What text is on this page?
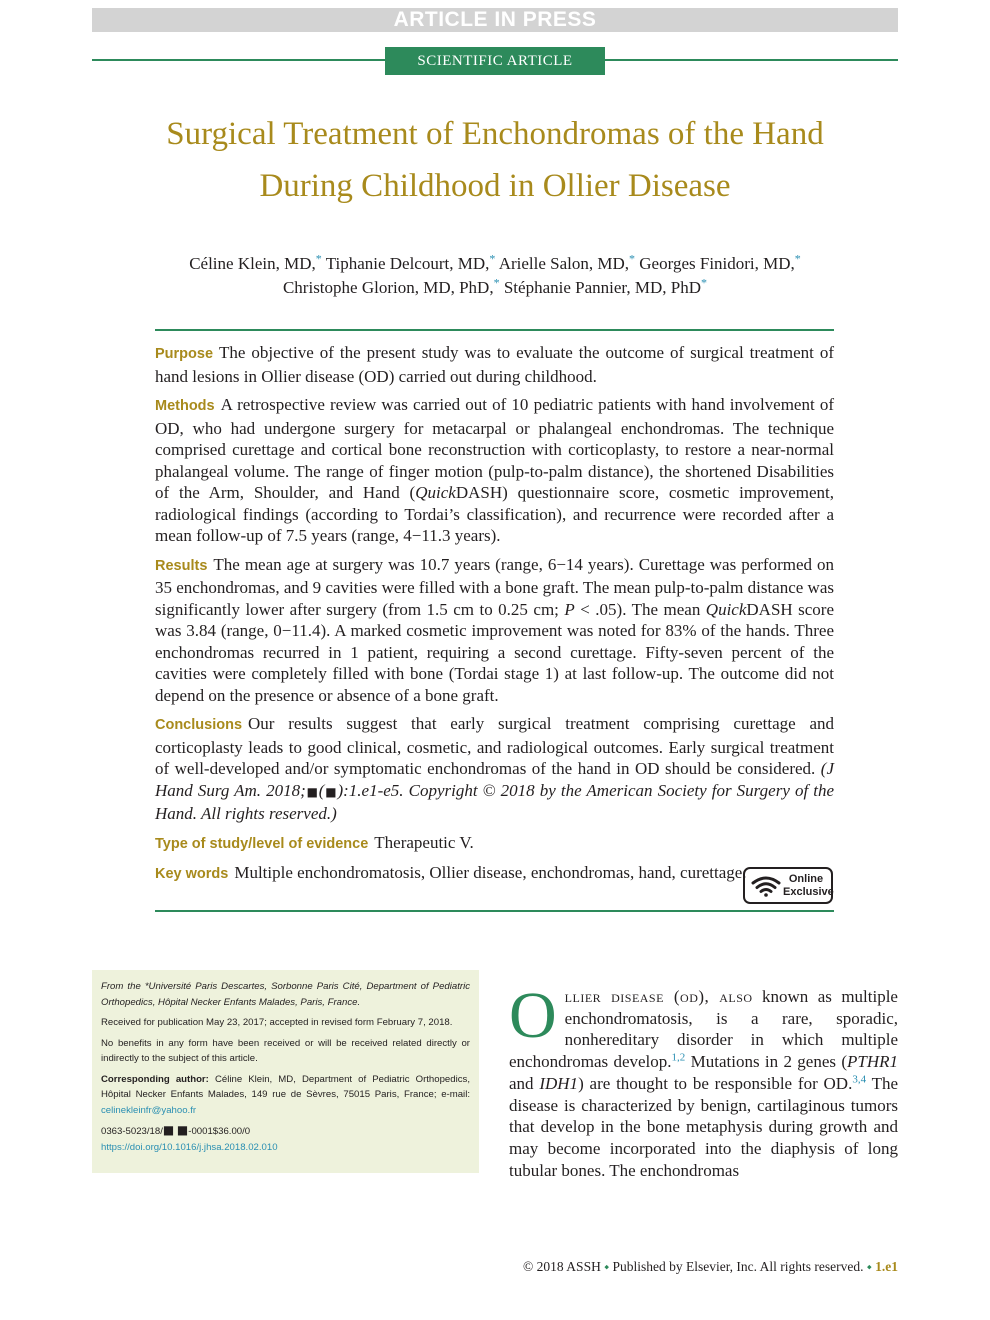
ARTICLE IN PRESS
SCIENTIFIC ARTICLE
Surgical Treatment of Enchondromas of the Hand During Childhood in Ollier Disease
Céline Klein, MD,* Tiphanie Delcourt, MD,* Arielle Salon, MD,* Georges Finidori, MD,*
Christophe Glorion, MD, PhD,* Stéphanie Pannier, MD, PhD*

Purpose The objective of the present study was to evaluate the outcome of surgical treatment of hand lesions in Ollier disease (OD) carried out during childhood.

Methods A retrospective review was carried out of 10 pediatric patients with hand involvement of OD, who had undergone surgery for metacarpal or phalangeal enchondromas. The technique comprised curettage and cortical bone reconstruction with corticoplasty, to restore a near-normal phalangeal volume. The range of finger motion (pulp-to-palm distance), the shortened Disabilities of the Arm, Shoulder, and Hand (QuickDASH) questionnaire score, cosmetic improvement, radiological findings (according to Tordai’s classification), and recurrence were recorded after a mean follow-up of 7.5 years (range, 4−11.3 years).

Results The mean age at surgery was 10.7 years (range, 6−14 years). Curettage was performed on 35 enchondromas, and 9 cavities were filled with a bone graft. The mean pulp-to-palm distance was significantly lower after surgery (from 1.5 cm to 0.25 cm; P < .05). The mean QuickDASH score was 3.84 (range, 0−11.4). A marked cosmetic improvement was noted for 83% of the hands. Three enchondromas recurred in 1 patient, requiring a second curettage. Fifty-seven percent of the cavities were completely filled with bone (Tordai stage 1) at last follow-up. The outcome did not depend on the presence or absence of a bone graft.

Conclusions Our results suggest that early surgical treatment comprising curettage and corticoplasty leads to good clinical, cosmetic, and radiological outcomes. Early surgical treatment of well-developed and/or symptomatic enchondromas of the hand in OD should be considered. (J Hand Surg Am. 2018;■(■):1.e1-e5. Copyright © 2018 by the American Society for Surgery of the Hand. All rights reserved.)

Type of study/level of evidence Therapeutic V.

Key words Multiple enchondromatosis, Ollier disease, enchondromas, hand, curettage.	Online
Exclusive

From the *Université Paris Descartes, Sorbonne Paris Cité, Department of Pediatric Orthopedics, Hôpital Necker Enfants Malades, Paris, France.

Received for publication May 23, 2017; accepted in revised form February 7, 2018.

No benefits in any form have been received or will be received related directly or indirectly to the subject of this article.

Corresponding author: Céline Klein, MD, Department of Pediatric Orthopedics, Hôpital Necker Enfants Malades, 149 rue de Sèvres, 75015 Paris, France; e-mail: celinekleinfr@yahoo.fr

0363-5023/18/■ ■-0001$36.00/0
https://doi.org/10.1016/j.jhsa.2018.02.010

Ollier disease (od), also known as multiple enchondromatosis, is a rare, sporadic, nonhereditary disorder in which multiple enchondromas develop.$^{1,2}$ Mutations in 2 genes (PTHR1 and IDH1) are thought to be responsible for OD.$^{3,4}$ The disease is characterized by benign, cartilaginous tumors that develop in the bone metaphysis during growth and may become incorporated into the diaphysis of long tubular bones. The enchondromas
© 2018 ASSH ⬩ Published by Elsevier, Inc. All rights reserved. ⬩ 1.e1
